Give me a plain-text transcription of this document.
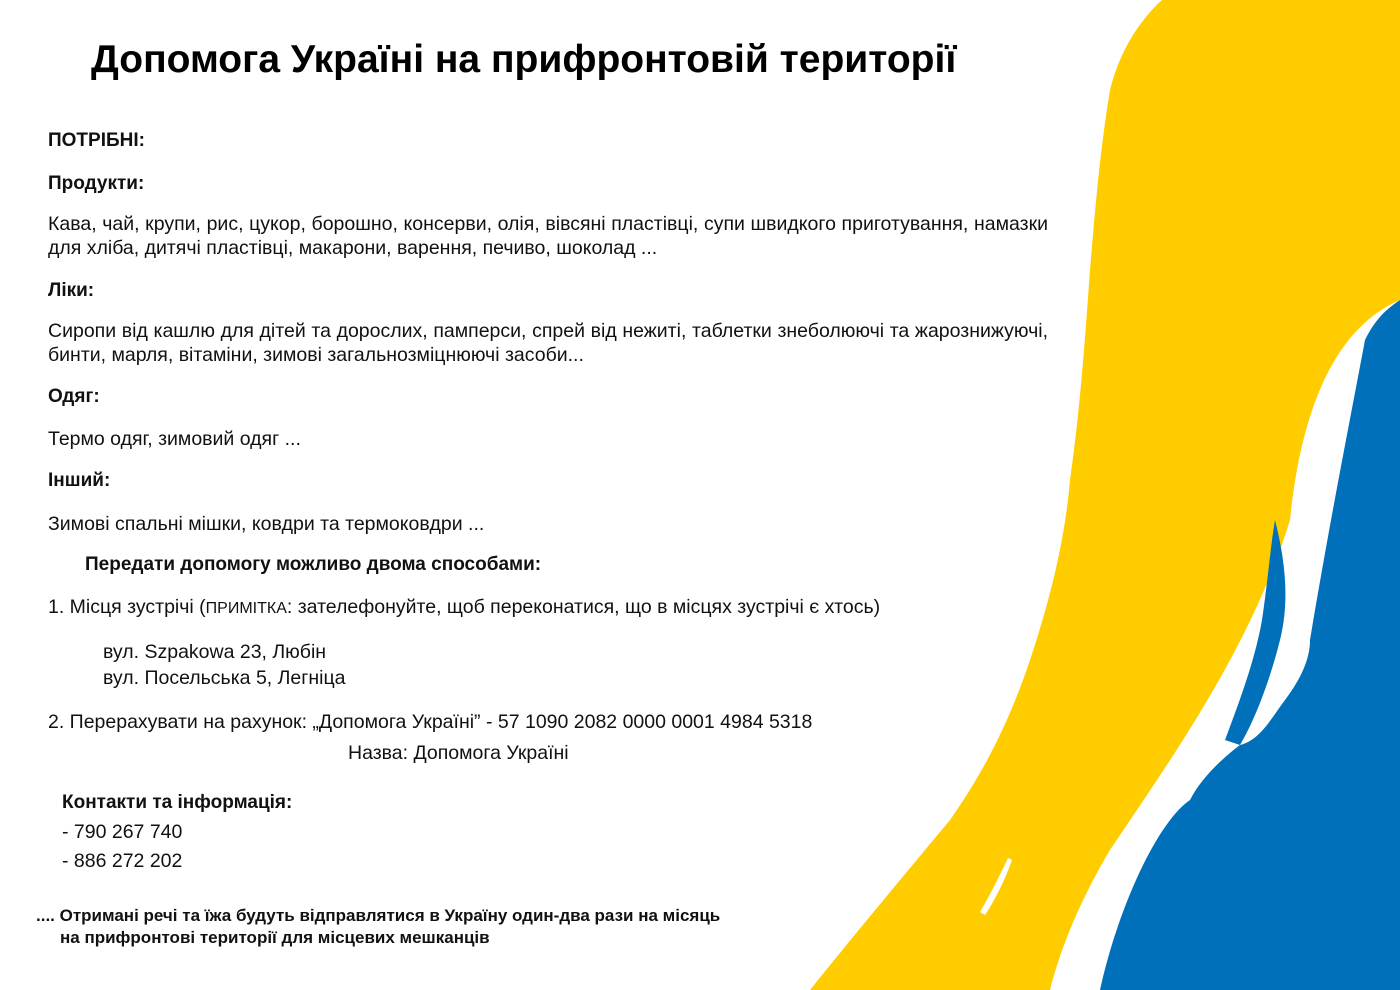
Допомога Україні на прифронтовій території
ПОТРІБНІ:
Продукти:
Кава, чай, крупи, рис, цукор, борошно, консерви, олія, вівсяні пластівці, супи швидкого приготування, намазки для хліба, дитячі пластівці, макарони, варення, печиво, шоколад ...
Ліки:
Сиропи від кашлю для дітей та дорослих, памперси, спрей від нежиті, таблетки знеболюючі та жарознижуючі, бинти, марля, вітаміни, зимові загальнозміцнюючі засоби...
Одяг:
Термо одяг, зимовий одяг ...
Інший:
Зимові спальні мішки, ковдри та термоковдри ...
Передати допомогу можливо двома способами:
1. Місця зустрічі (ПРИМІТКА: зателефонуйте, щоб переконатися, що в місцях зустрічі є хтось)
вул. Szpakowa 23, Любін
вул. Посельська 5, Легніца
2. Перерахувати на рахунок: „Допомога Україні” - 57 1090 2082 0000 0001 4984 5318
Назва: Допомога Україні
Контакти та інформація:
- 790 267 740
- 886 272 202
.... Отримані речі та їжа будуть відправлятися в Україну один-два рази на місяць
на прифронтові території для місцевих мешканців
